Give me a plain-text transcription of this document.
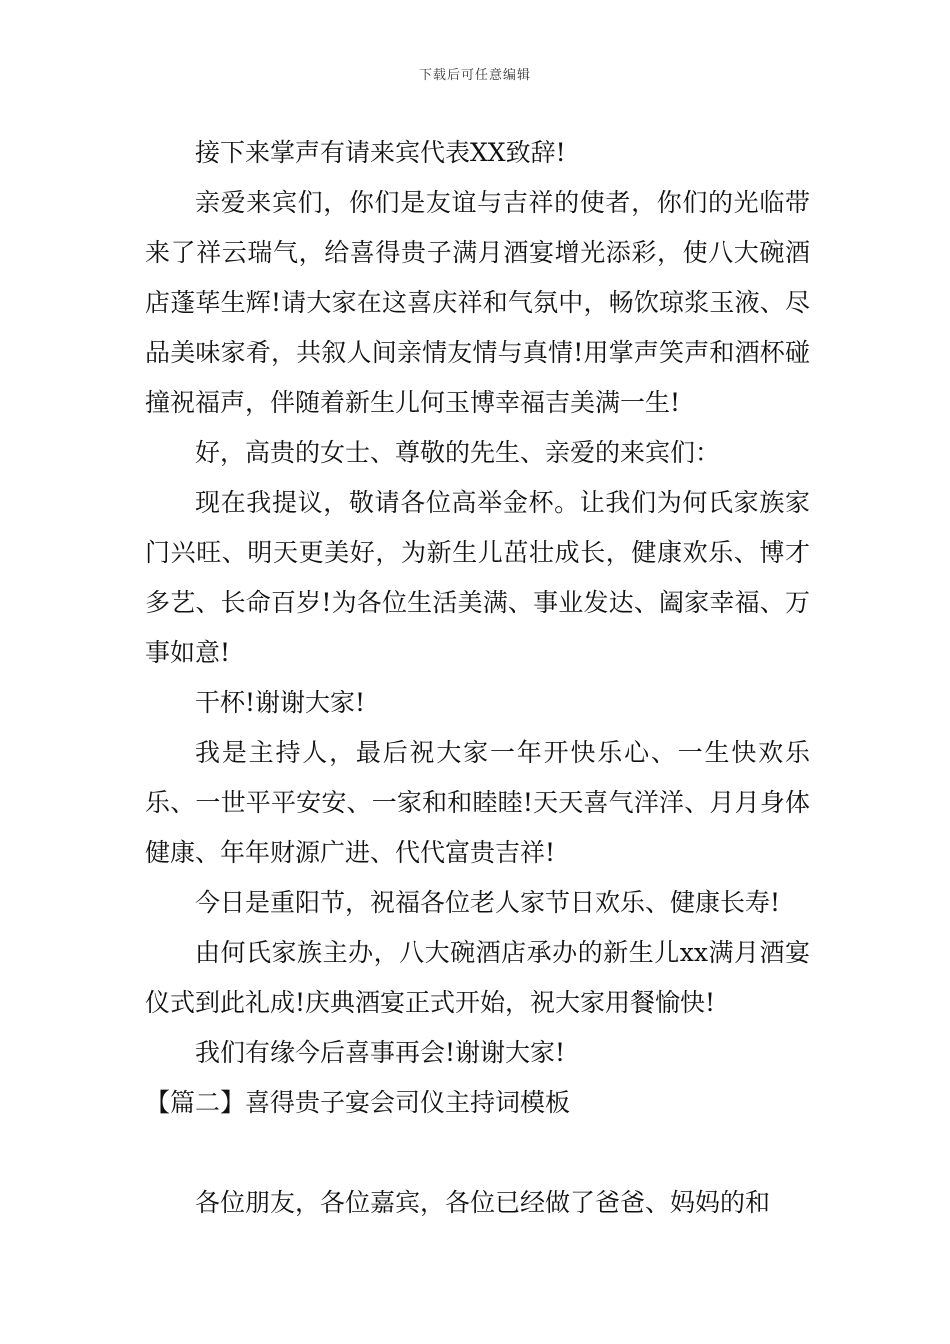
下载后可任意编辑

接下来掌声有请来宾代表XX致辞!

亲爱来宾们，你们是友谊与吉祥的使者，你们的光临带来了祥云瑞气，给喜得贵子满月酒宴增光添彩，使八大碗酒店蓬荜生辉!请大家在这喜庆祥和气氛中，畅饮琼浆玉液、尽品美味家肴，共叙人间亲情友情与真情!用掌声笑声和酒杯碰撞祝福声，伴随着新生儿何玉博幸福吉美满一生!

好，高贵的女士、尊敬的先生、亲爱的来宾们：

现在我提议，敬请各位高举金杯。让我们为何氏家族家门兴旺、明天更美好，为新生儿茁壮成长，健康欢乐、博才多艺、长命百岁!为各位生活美满、事业发达、阖家幸福、万事如意!

干杯!谢谢大家!

我是主持人，最后祝大家一年开快乐心、一生快欢乐乐、一世平平安安、一家和和睦睦!天天喜气洋洋、月月身体健康、年年财源广进、代代富贵吉祥!

今日是重阳节，祝福各位老人家节日欢乐、健康长寿!

由何氏家族主办，八大碗酒店承办的新生儿xx满月酒宴仪式到此礼成!庆典酒宴正式开始，祝大家用餐愉快!

我们有缘今后喜事再会!谢谢大家!

【篇二】喜得贵子宴会司仪主持词模板

各位朋友，各位嘉宾，各位已经做了爸爸、妈妈的和
